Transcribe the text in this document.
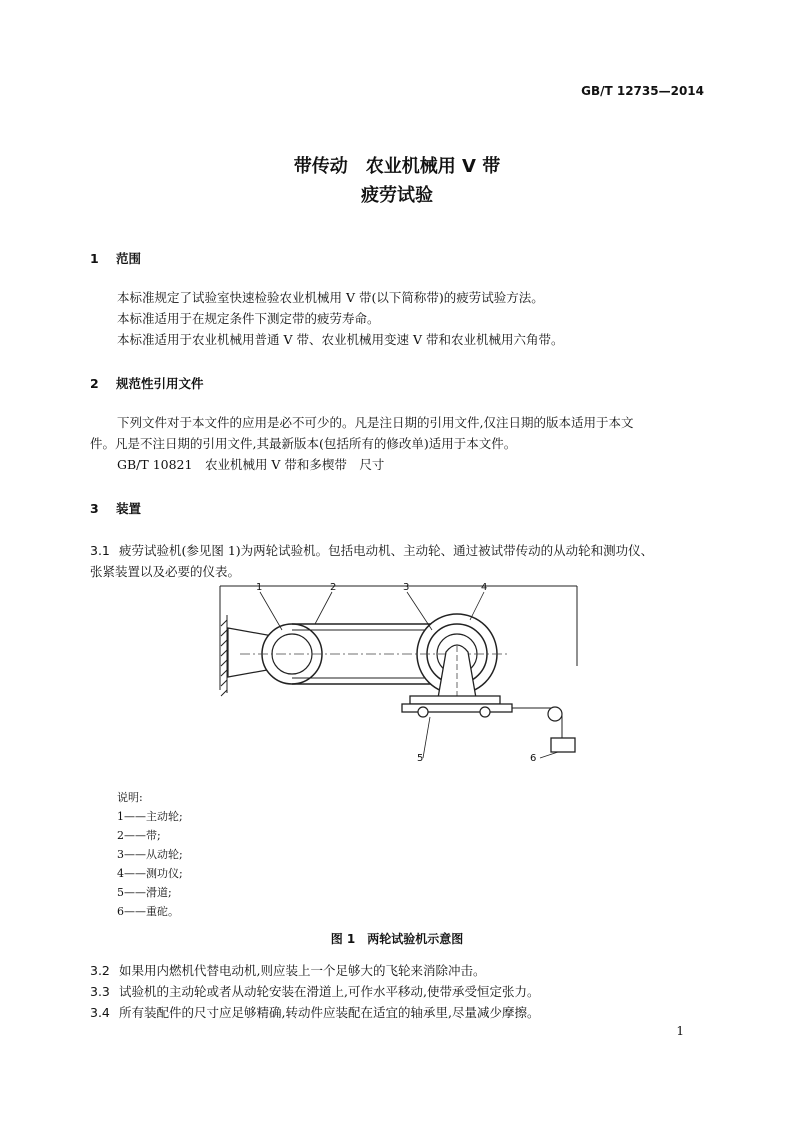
GB/T 12735—2014
带传动　农业机械用 V 带
疲劳试验
1 范围
本标准规定了试验室快速检验农业机械用 V 带(以下简称带)的疲劳试验方法。
本标准适用于在规定条件下测定带的疲劳寿命。
本标准适用于农业机械用普通 V 带、农业机械用变速 V 带和农业机械用六角带。
2 规范性引用文件
下列文件对于本文件的应用是必不可少的。凡是注日期的引用文件,仅注日期的版本适用于本文
件。凡是不注日期的引用文件,其最新版本(包括所有的修改单)适用于本文件。
GB/T 10821　农业机械用 V 带和多楔带　尺寸
3 装置
3.1 疲劳试验机(参见图 1)为两轮试验机。包括电动机、主动轮、通过被试带传动的从动轮和测功仪、
张紧装置以及必要的仪表。
1	2	3	4
5	6
说明:
1——主动轮;
2——带;
3——从动轮;
4——测功仪;
5——滑道;
6——重砣。
图 1　两轮试验机示意图
3.2 如果用内燃机代替电动机,则应装上一个足够大的飞轮来消除冲击。
3.3 试验机的主动轮或者从动轮安装在滑道上,可作水平移动,使带承受恒定张力。
3.4 所有装配件的尺寸应足够精确,转动件应装配在适宜的轴承里,尽量减少摩擦。
1
